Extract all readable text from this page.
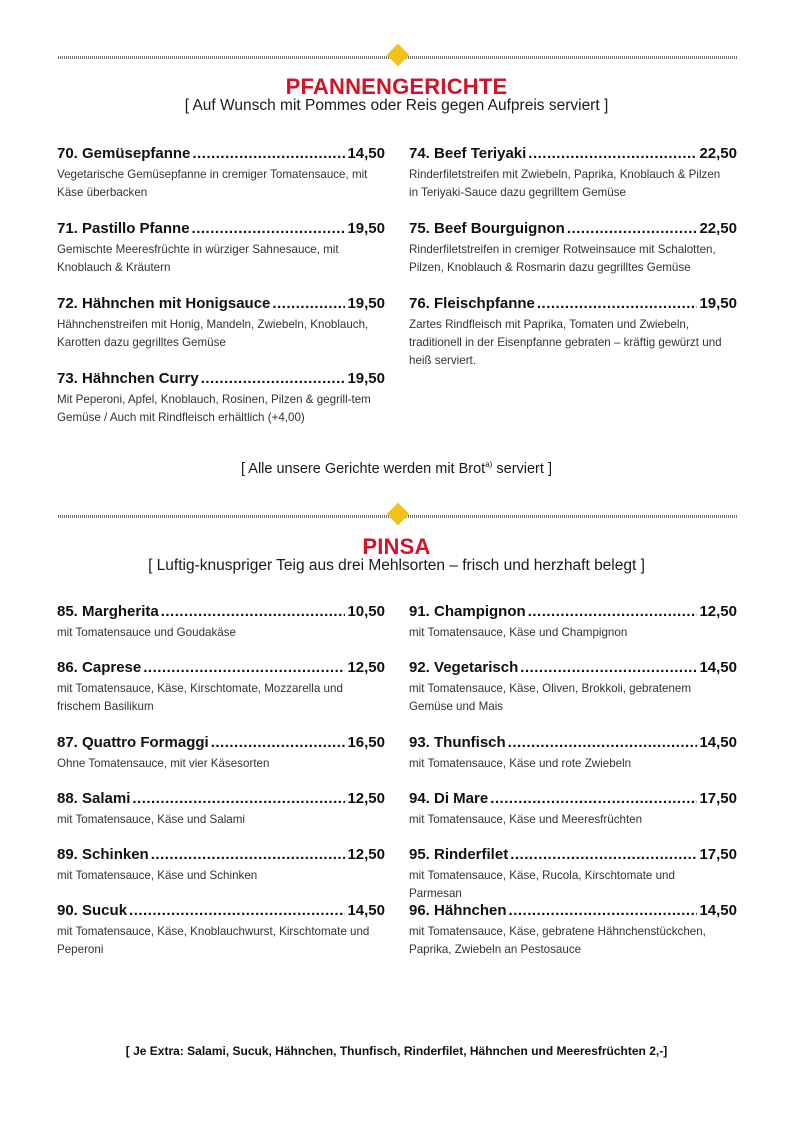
PFANNENGERICHTE
[ Auf Wunsch mit Pommes oder Reis gegen Aufpreis serviert ]
70. Gemüsepfanne .....	14,50
Vegetarische Gemüsepfanne in cremiger Tomatensauce, mit Käse überbacken
71. Pastillo Pfanne .....	19,50
Gemischte Meeresfrüchte in würziger Sahnesauce, mit Knoblauch & Kräutern
72. Hähnchen mit Honigsauce .....	19,50
Hähnchenstreifen mit Honig, Mandeln, Zwiebeln, Knoblauch, Karotten dazu gegrilltes Gemüse
73. Hähnchen Curry .....	19,50
Mit Peperoni, Apfel, Knoblauch, Rosinen, Pilzen & gegrill-tem Gemüse / Auch mit Rindfleisch erhältlich (+4,00)
74. Beef Teriyaki .....	22,50
Rinderfiletstreifen mit Zwiebeln, Paprika, Knoblauch & Pilzen in Teriyaki-Sauce dazu gegrilltem Gemüse
75. Beef Bourguignon .....	22,50
Rinderfiletstreifen in cremiger Rotweinsauce mit Schalotten, Pilzen, Knoblauch & Rosmarin dazu gegrilltes Gemüse
76. Fleischpfanne .....	19,50
Zartes Rindfleisch mit Paprika, Tomaten und Zwiebeln, traditionell in der Eisenpfanne gebraten – kräftig gewürzt und heiß serviert.
[ Alle unsere Gerichte werden mit Brot$^{a)}$ serviert ]
PINSA
[ Luftig-knuspriger Teig aus drei Mehlsorten – frisch und herzhaft belegt ]
85. Margherita .....	10,50
mit Tomatensauce und Goudakäse
86. Caprese .....	12,50
mit Tomatensauce, Käse, Kirschtomate, Mozzarella und frischem Basilikum
87. Quattro Formaggi .....	16,50
Ohne Tomatensauce, mit vier Käsesorten
88. Salami .....	12,50
mit Tomatensauce, Käse und Salami
89. Schinken .....	12,50
mit Tomatensauce, Käse und Schinken
90. Sucuk .....	14,50
mit Tomatensauce, Käse, Knoblauchwurst, Kirschtomate und Peperoni
91. Champignon .....	12,50
mit Tomatensauce, Käse und Champignon
92. Vegetarisch .....	14,50
mit Tomatensauce, Käse, Oliven, Brokkoli, gebratenem Gemüse und Mais
93. Thunfisch .....	14,50
mit Tomatensauce, Käse und rote Zwiebeln
94. Di Mare .....	17,50
mit Tomatensauce, Käse und Meeresfrüchten
95. Rinderfilet .....	17,50
mit Tomatensauce, Käse, Rucola, Kirschtomate und Parmesan
96. Hähnchen .....	14,50
mit Tomatensauce, Käse, gebratene Hähnchenstückchen, Paprika, Zwiebeln an Pestosauce
[ Je Extra: Salami, Sucuk, Hähnchen, Thunfisch, Rinderfilet, Hähnchen und Meeresfrüchten 2,-]
